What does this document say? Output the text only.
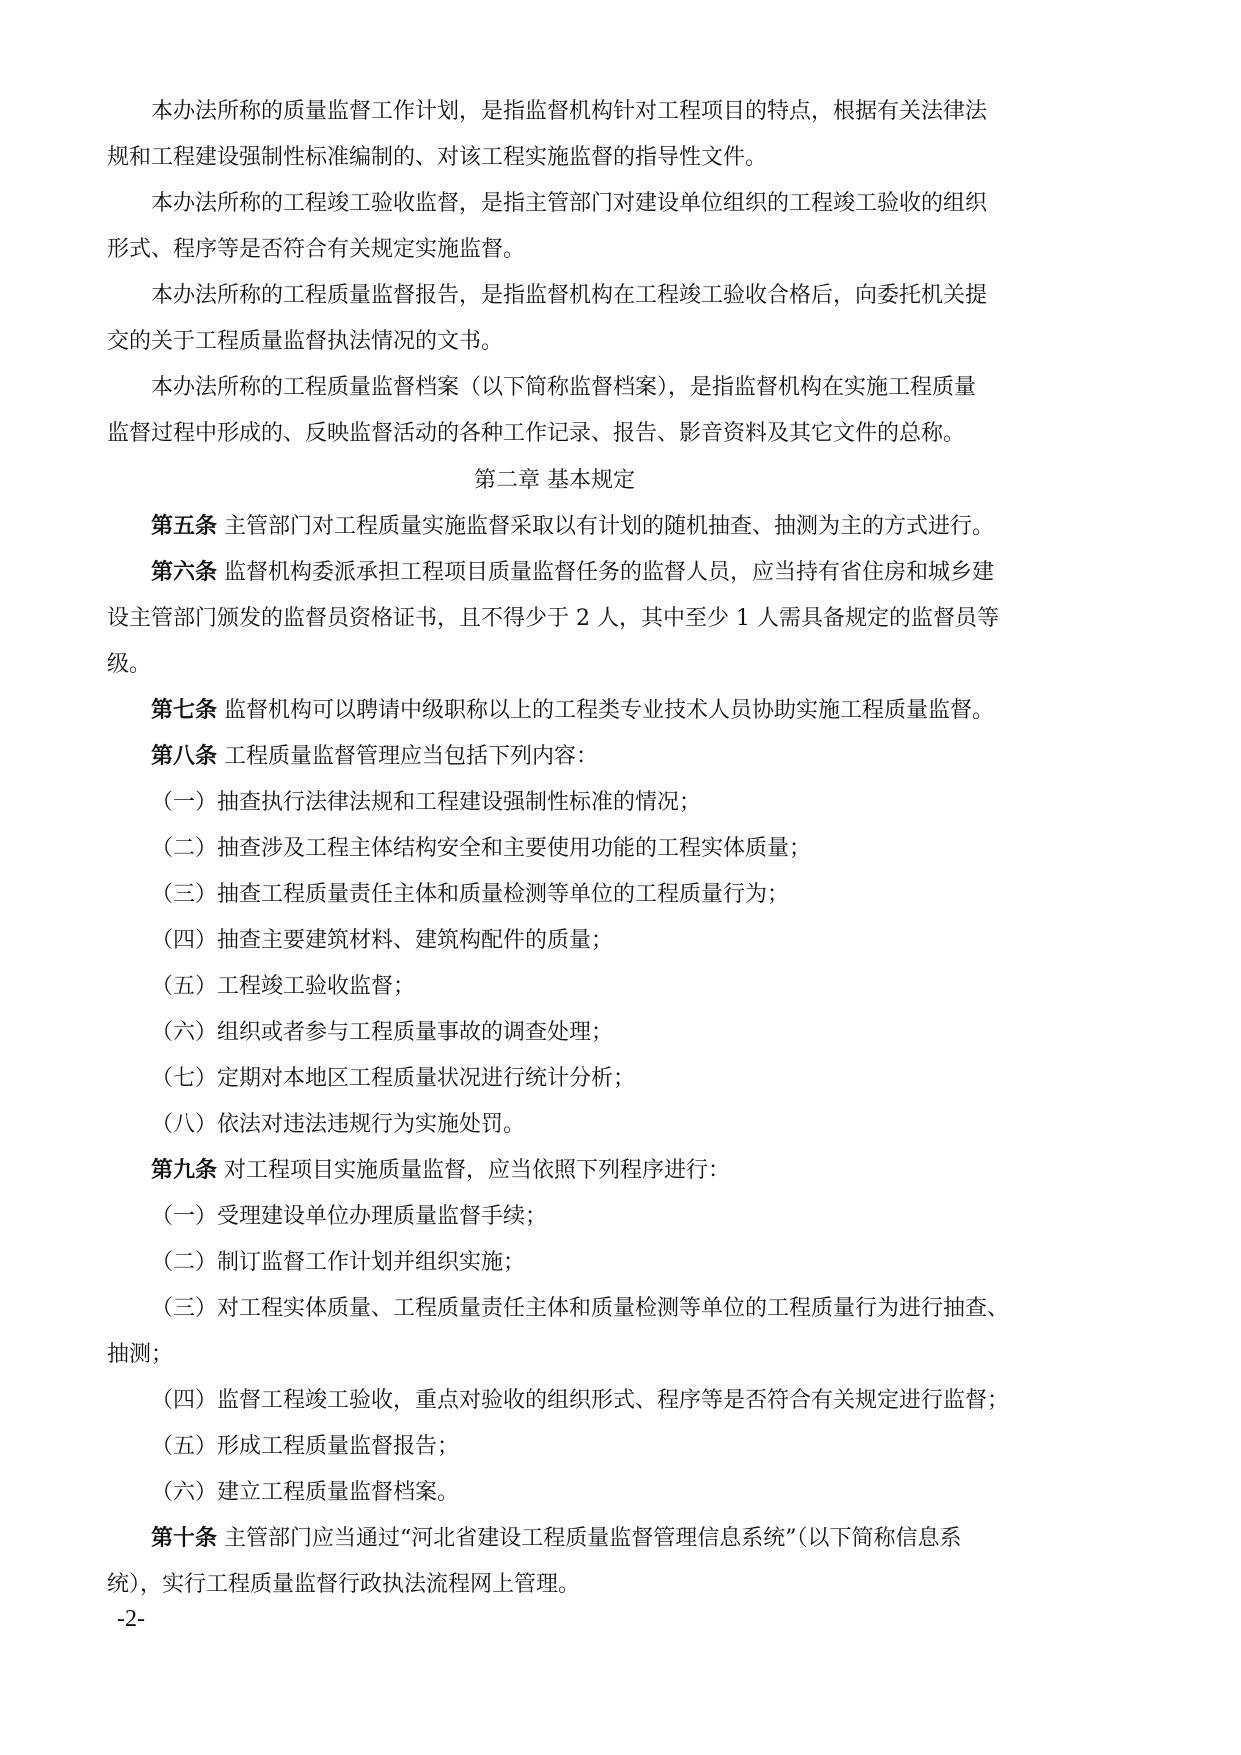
本办法所称的质量监督工作计划，是指监督机构针对工程项目的特点，根据有关法律法
规和工程建设强制性标准编制的、对该工程实施监督的指导性文件。
本办法所称的工程竣工验收监督，是指主管部门对建设单位组织的工程竣工验收的组织
形式、程序等是否符合有关规定实施监督。
本办法所称的工程质量监督报告，是指监督机构在工程竣工验收合格后，向委托机关提
交的关于工程质量监督执法情况的文书。
本办法所称的工程质量监督档案（以下简称监督档案），是指监督机构在实施工程质量
监督过程中形成的、反映监督活动的各种工作记录、报告、影音资料及其它文件的总称。
第二章 基本规定
第五条 主管部门对工程质量实施监督采取以有计划的随机抽查、抽测为主的方式进行。
第六条 监督机构委派承担工程项目质量监督任务的监督人员，应当持有省住房和城乡建
设主管部门颁发的监督员资格证书，且不得少于 2 人，其中至少 1 人需具备规定的监督员等
级。
第七条 监督机构可以聘请中级职称以上的工程类专业技术人员协助实施工程质量监督。
第八条 工程质量监督管理应当包括下列内容：
（一）抽查执行法律法规和工程建设强制性标准的情况；
（二）抽查涉及工程主体结构安全和主要使用功能的工程实体质量；
（三）抽查工程质量责任主体和质量检测等单位的工程质量行为；
（四）抽查主要建筑材料、建筑构配件的质量；
（五）工程竣工验收监督；
（六）组织或者参与工程质量事故的调查处理；
（七）定期对本地区工程质量状况进行统计分析；
（八）依法对违法违规行为实施处罚。
第九条 对工程项目实施质量监督，应当依照下列程序进行：
（一）受理建设单位办理质量监督手续；
（二）制订监督工作计划并组织实施；
（三）对工程实体质量、工程质量责任主体和质量检测等单位的工程质量行为进行抽查、
抽测；
（四）监督工程竣工验收，重点对验收的组织形式、程序等是否符合有关规定进行监督；
（五）形成工程质量监督报告；
（六）建立工程质量监督档案。
第十条 主管部门应当通过“河北省建设工程质量监督管理信息系统”（以下简称信息系
统），实行工程质量监督行政执法流程网上管理。
-2-
